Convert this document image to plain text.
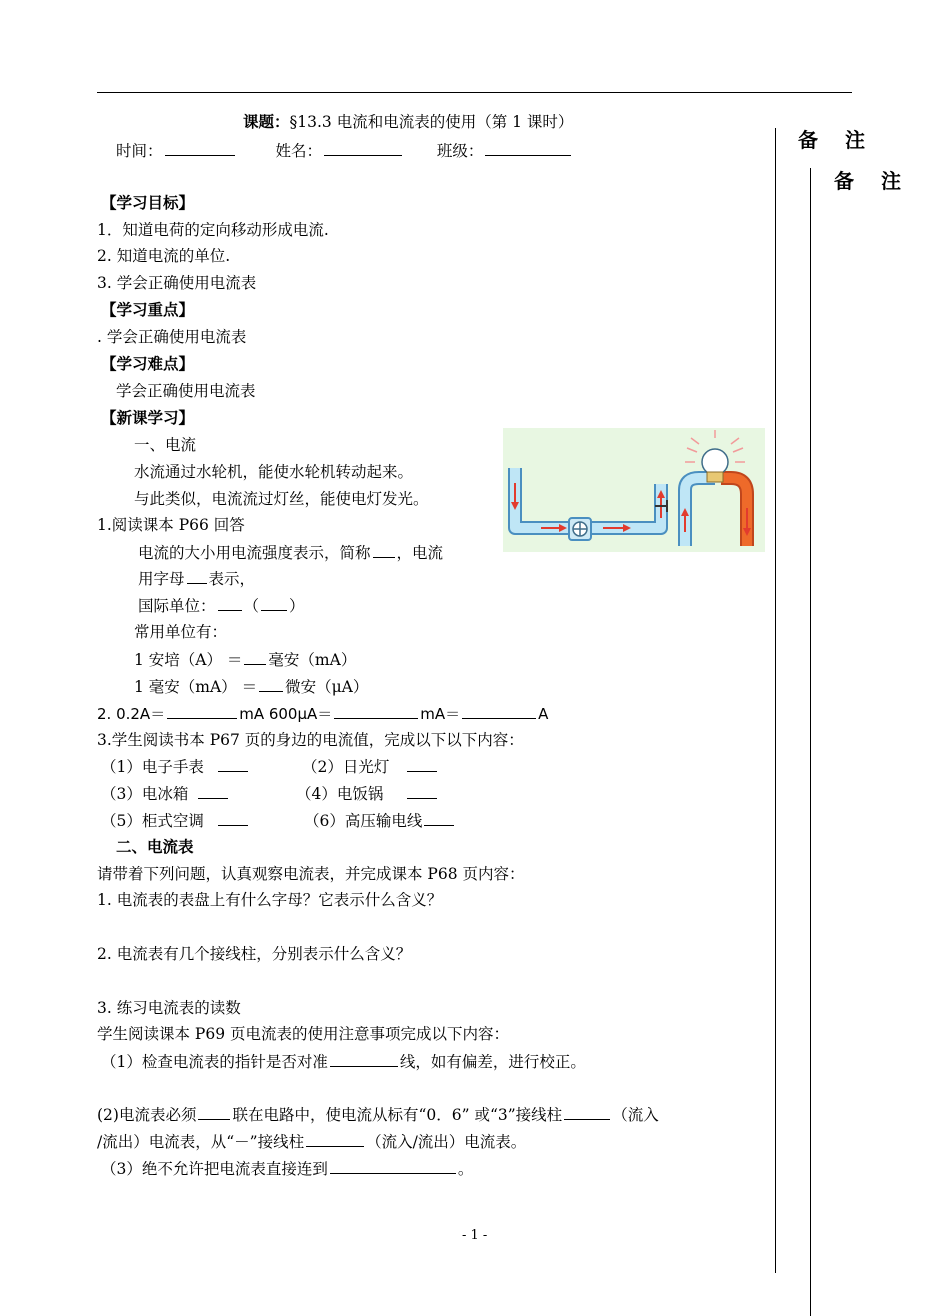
备 注
备 注
课题：§13.3 电流和电流表的使用（第 1 课时）
时间：	姓名：	班级：
【学习目标】
1．知道电荷的定向移动形成电流.
2. 知道电流的单位.
3. 学会正确使用电流表
【学习重点】
. 学会正确使用电流表
【学习难点】
学会正确使用电流表
【新课学习】
一、电流
水流通过水轮机，能使水轮机转动起来。
与此类似，电流流过灯丝，能使电灯发光。
1.阅读课本 P66 回答
电流的大小用电流强度表示，简称 ，电流
用字母 表示，
国际单位： （ ）
常用单位有：
1 安培（A） ＝ 毫安（mA）
1 毫安（mA） ＝ 微安（μA）
2. 0.2A＝	mA 600μA＝	mA＝	A
3.学生阅读书本 P67 页的身边的电流值，完成以下以下内容：
（1）电子手表	（2）日光灯
（3）电冰箱	（4）电饭锅
（5）柜式空调	（6）高压输电线
二、电流表
请带着下列问题，认真观察电流表，并完成课本 P68 页内容：
1. 电流表的表盘上有什么字母？它表示什么含义？
2. 电流表有几个接线柱，分别表示什么含义？
3. 练习电流表的读数
学生阅读课本 P69 页电流表的使用注意事项完成以下内容：
（1）检查电流表的指针是否对准	线，如有偏差，进行校正。
(2)电流表必须 联在电路中，使电流从标有“0．6” 或“3”接线柱	（流入
/流出）电流表，从“－”接线柱	（流入/流出）电流表。
（3）绝不允许把电流表直接连到	。
- 1 -
